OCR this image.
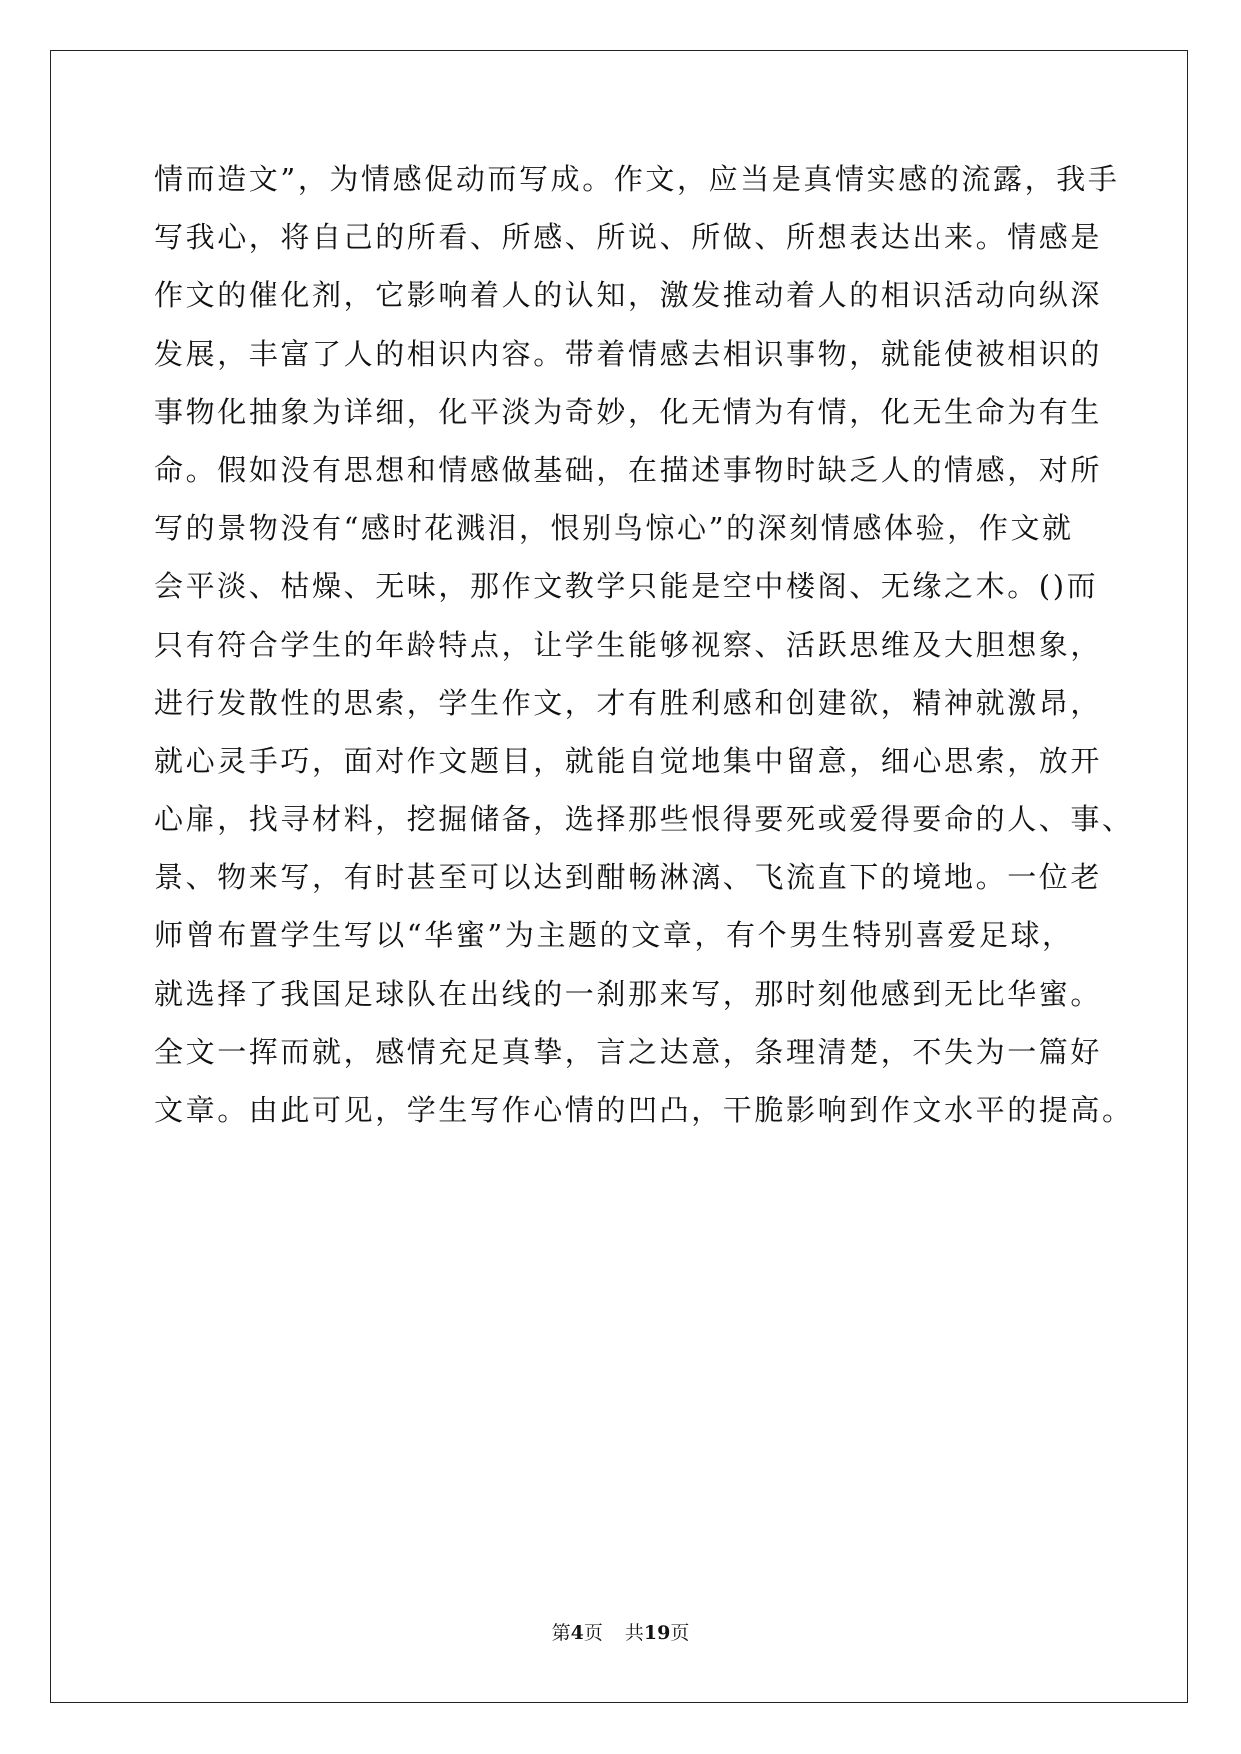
情而造文”，为情感促动而写成。作文，应当是真情实感的流露，我手
写我心，将自己的所看、所感、所说、所做、所想表达出来。情感是
作文的催化剂，它影响着人的认知，激发推动着人的相识活动向纵深
发展，丰富了人的相识内容。带着情感去相识事物，就能使被相识的
事物化抽象为详细，化平淡为奇妙，化无情为有情，化无生命为有生
命。假如没有思想和情感做基础，在描述事物时缺乏人的情感，对所
写的景物没有“感时花溅泪，恨别鸟惊心”的深刻情感体验，作文就
会平淡、枯燥、无味，那作文教学只能是空中楼阁、无缘之木。()而
只有符合学生的年龄特点，让学生能够视察、活跃思维及大胆想象，
进行发散性的思索，学生作文，才有胜利感和创建欲，精神就激昂，
就心灵手巧，面对作文题目，就能自觉地集中留意，细心思索，放开
心扉，找寻材料，挖掘储备，选择那些恨得要死或爱得要命的人、事、
景、物来写，有时甚至可以达到酣畅淋漓、飞流直下的境地。一位老
师曾布置学生写以“华蜜”为主题的文章，有个男生特别喜爱足球，
就选择了我国足球队在出线的一刹那来写，那时刻他感到无比华蜜。
全文一挥而就，感情充足真挚，言之达意，条理清楚，不失为一篇好
文章。由此可见，学生写作心情的凹凸，干脆影响到作文水平的提高。
第4页 共19页
